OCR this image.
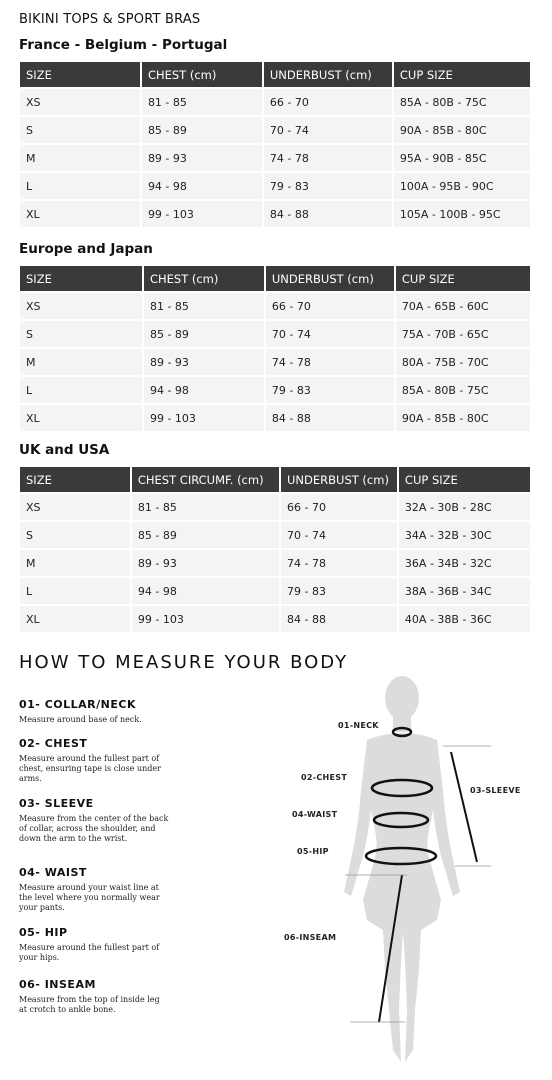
BIKINI TOPS & SPORT BRAS
France - Belgium - Portugal
SIZE	CHEST (cm)	UNDERBUST (cm)	CUP SIZE
XS	81 - 85	66 - 70	85A - 80B - 75C
S	85 - 89	70 - 74	90A - 85B - 80C
M	89 - 93	74 - 78	95A - 90B - 85C
L	94 - 98	79 - 83	100A - 95B - 90C
XL	99 - 103	84 - 88	105A - 100B - 95C
Europe and Japan
SIZE	CHEST (cm)	UNDERBUST (cm)	CUP SIZE
XS	81 - 85	66 - 70	70A - 65B - 60C
S	85 - 89	70 - 74	75A - 70B - 65C
M	89 - 93	74 - 78	80A - 75B - 70C
L	94 - 98	79 - 83	85A - 80B - 75C
XL	99 - 103	84 - 88	90A - 85B - 80C
UK and USA
SIZE	CHEST CIRCUMF. (cm)	UNDERBUST (cm)	CUP SIZE
XS	81 - 85	66 - 70	32A - 30B - 28C
S	85 - 89	70 - 74	34A - 32B - 30C
M	89 - 93	74 - 78	36A - 34B - 32C
L	94 - 98	79 - 83	38A - 36B - 34C
XL	99 - 103	84 - 88	40A - 38B - 36C
HOW TO MEASURE YOUR BODY
01- COLLAR/NECK
Measure around base of neck.
02- CHEST
Measure around the fullest part of chest, ensuring tape is close under arms.
03- SLEEVE
Measure from the center of the back of collar, across the shoulder, and down the arm to the wrist.
04- WAIST
Measure around your waist line at the level where you normally wear your pants.
05- HIP
Measure around the fullest part of your hips.
06- INSEAM
Measure from the top of inside leg at crotch to ankle bone.
01-NECK
02-CHEST
03-SLEEVE
04-WAIST
05-HIP
06-INSEAM
